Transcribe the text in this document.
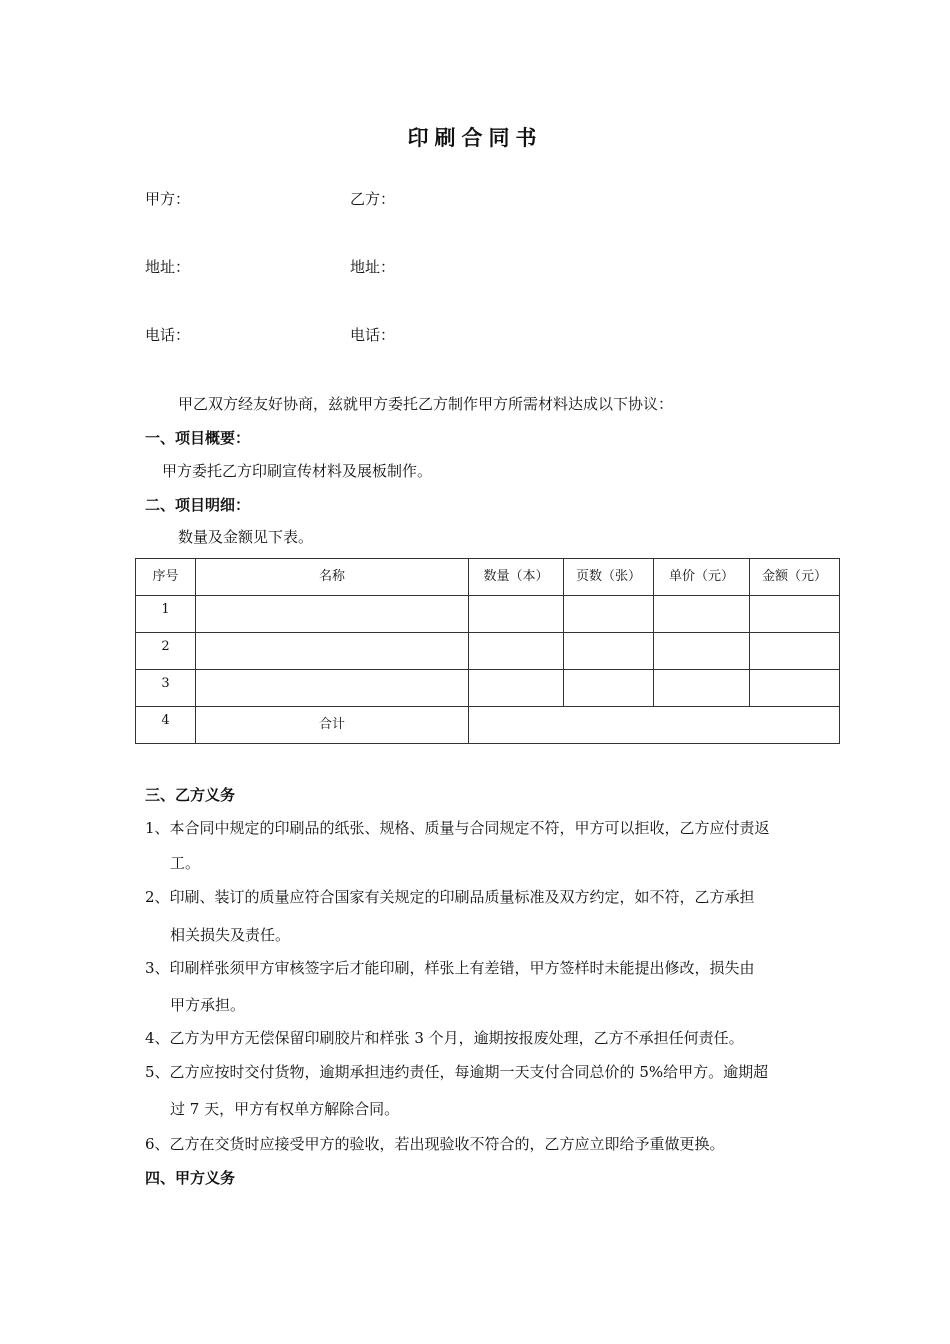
印刷合同书
甲方：	乙方：
地址：	地址：
电话：	电话：
甲乙双方经友好协商，兹就甲方委托乙方制作甲方所需材料达成以下协议：
一、项目概要：
甲方委托乙方印刷宣传材料及展板制作。
二、项目明细：
数量及金额见下表。
序号	名称	数量（本）	页数（张）	单价（元）	金额（元）
1					
2					
3					
4	合计				
三、乙方义务
1、本合同中规定的印刷品的纸张、规格、质量与合同规定不符，甲方可以拒收，乙方应付责返
工。
2、印刷、装订的质量应符合国家有关规定的印刷品质量标准及双方约定，如不符，乙方承担
相关损失及责任。
3、印刷样张须甲方审核签字后才能印刷，样张上有差错，甲方签样时未能提出修改，损失由
甲方承担。
4、乙方为甲方无偿保留印刷胶片和样张 3 个月，逾期按报废处理，乙方不承担任何责任。
5、乙方应按时交付货物，逾期承担违约责任，每逾期一天支付合同总价的 5%给甲方。逾期超
过 7 天，甲方有权单方解除合同。
6、乙方在交货时应接受甲方的验收，若出现验收不符合的，乙方应立即给予重做更换。
四、甲方义务
